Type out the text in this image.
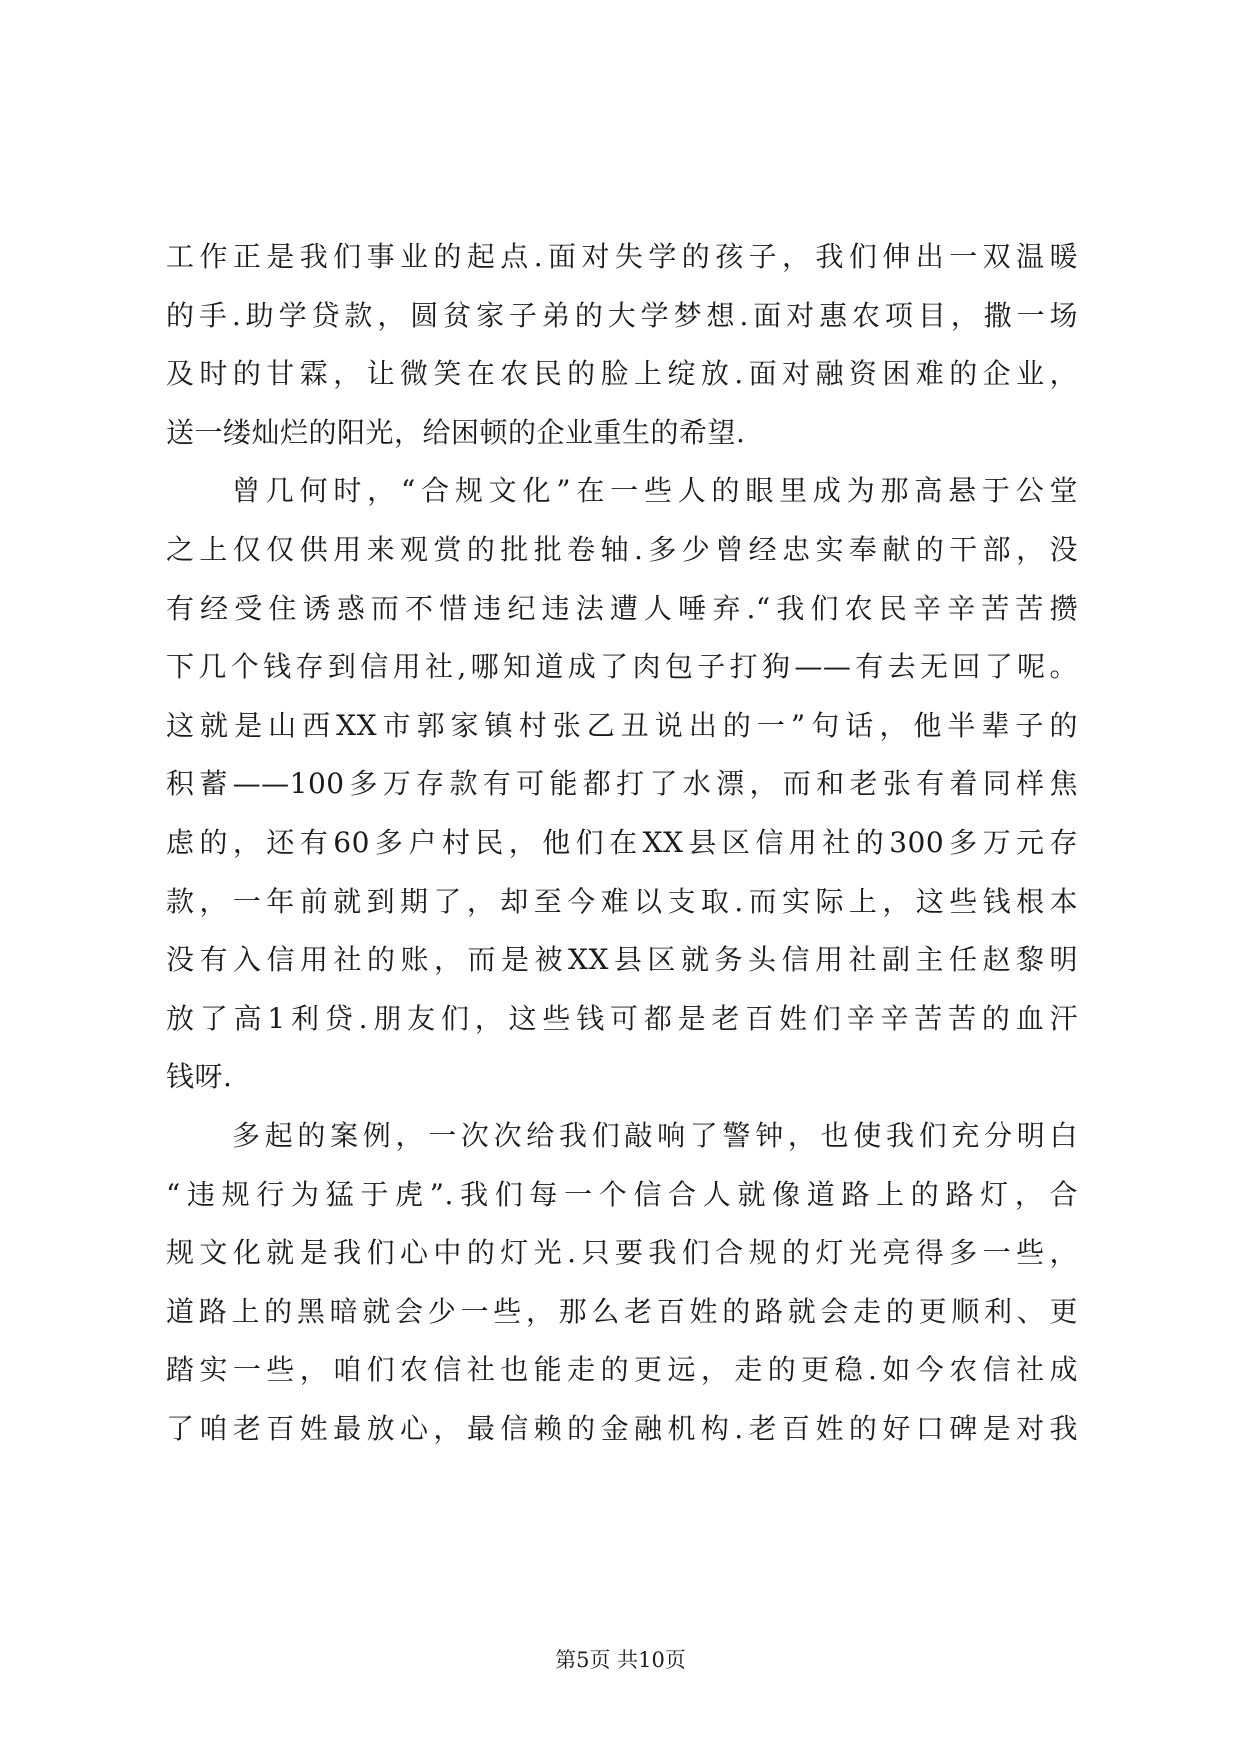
工作正是我们事业的起点.面对失学的孩子，我们伸出一双温暖
的手.助学贷款，圆贫家子弟的大学梦想.面对惠农项目，撒一场
及时的甘霖，让微笑在农民的脸上绽放.面对融资困难的企业，
送一缕灿烂的阳光，给困顿的企业重生的希望.
曾几何时，“合规文化”在一些人的眼里成为那高悬于公堂
之上仅仅供用来观赏的批批卷轴.多少曾经忠实奉献的干部，没
有经受住诱惑而不惜违纪违法遭人唾弃.“我们农民辛辛苦苦攒
下几个钱存到信用社,哪知道成了肉包子打狗——有去无回了呢。
这就是山西XX市郭家镇村张乙丑说出的一”句话，他半辈子的
积蓄——100多万存款有可能都打了水漂，而和老张有着同样焦
虑的，还有60多户村民，他们在XX县区信用社的300多万元存
款，一年前就到期了，却至今难以支取.而实际上，这些钱根本
没有入信用社的账，而是被XX县区就务头信用社副主任赵黎明
放了高1利贷.朋友们，这些钱可都是老百姓们辛辛苦苦的血汗
钱呀.
多起的案例，一次次给我们敲响了警钟，也使我们充分明白
“违规行为猛于虎”.我们每一个信合人就像道路上的路灯，合
规文化就是我们心中的灯光.只要我们合规的灯光亮得多一些，
道路上的黑暗就会少一些，那么老百姓的路就会走的更顺利、更
踏实一些，咱们农信社也能走的更远，走的更稳.如今农信社成
了咱老百姓最放心，最信赖的金融机构.老百姓的好口碑是对我
第5页 共10页
